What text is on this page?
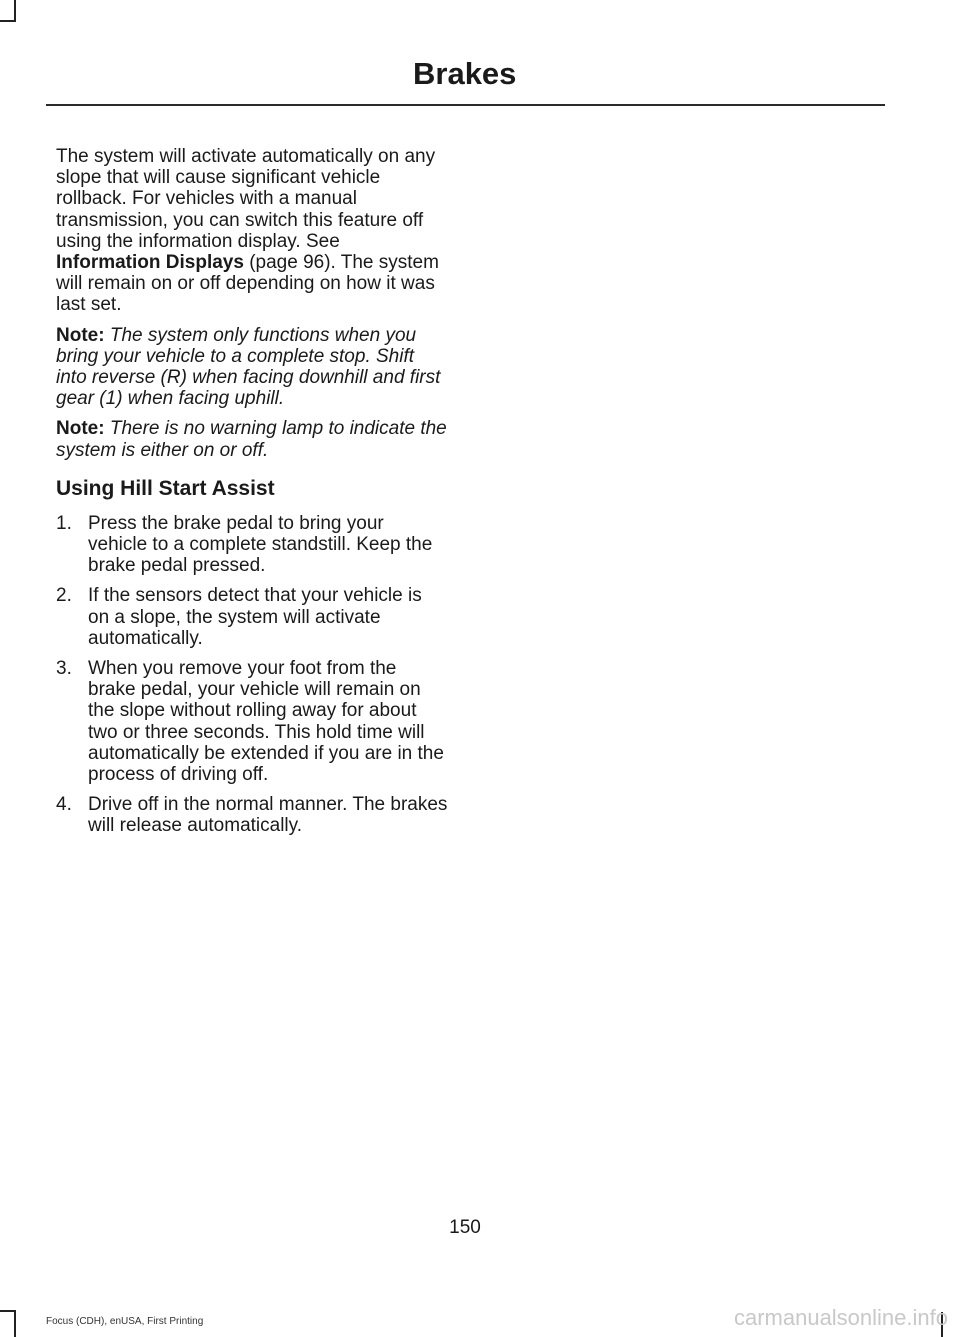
Brakes

The system will activate automatically on any slope that will cause significant vehicle rollback. For vehicles with a manual transmission, you can switch this feature off using the information display. See Information Displays (page 96). The system will remain on or off depending on how it was last set.

Note: The system only functions when you bring your vehicle to a complete stop. Shift into reverse (R) when facing downhill and first gear (1) when facing uphill.

Note: There is no warning lamp to indicate the system is either on or off.

Using Hill Start Assist
1. Press the brake pedal to bring your vehicle to a complete standstill. Keep the brake pedal pressed.
2. If the sensors detect that your vehicle is on a slope, the system will activate automatically.
3. When you remove your foot from the brake pedal, your vehicle will remain on the slope without rolling away for about two or three seconds. This hold time will automatically be extended if you are in the process of driving off.
4. Drive off in the normal manner. The brakes will release automatically.
150
Focus (CDH), enUSA, First Printing	carmanualsonline.info
